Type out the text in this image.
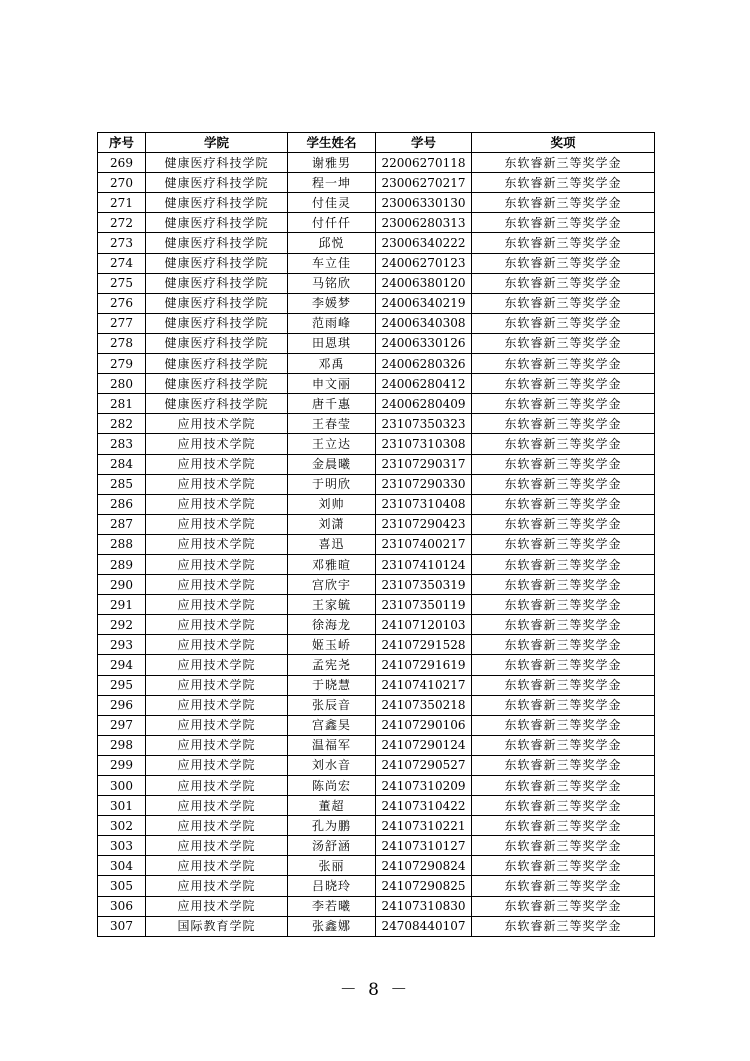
序号	学院	学生姓名	学号	奖项
269	健康医疗科技学院	谢雅男	22006270118	东软睿新三等奖学金
270	健康医疗科技学院	程一坤	23006270217	东软睿新三等奖学金
271	健康医疗科技学院	付佳灵	23006330130	东软睿新三等奖学金
272	健康医疗科技学院	付仟仟	23006280313	东软睿新三等奖学金
273	健康医疗科技学院	邱悦	23006340222	东软睿新三等奖学金
274	健康医疗科技学院	车立佳	24006270123	东软睿新三等奖学金
275	健康医疗科技学院	马铭欣	24006380120	东软睿新三等奖学金
276	健康医疗科技学院	李媛梦	24006340219	东软睿新三等奖学金
277	健康医疗科技学院	范雨峰	24006340308	东软睿新三等奖学金
278	健康医疗科技学院	田恩琪	24006330126	东软睿新三等奖学金
279	健康医疗科技学院	邓禹	24006280326	东软睿新三等奖学金
280	健康医疗科技学院	申文丽	24006280412	东软睿新三等奖学金
281	健康医疗科技学院	唐千惠	24006280409	东软睿新三等奖学金
282	应用技术学院	王春莹	23107350323	东软睿新三等奖学金
283	应用技术学院	王立达	23107310308	东软睿新三等奖学金
284	应用技术学院	金晨曦	23107290317	东软睿新三等奖学金
285	应用技术学院	于明欣	23107290330	东软睿新三等奖学金
286	应用技术学院	刘帅	23107310408	东软睿新三等奖学金
287	应用技术学院	刘潇	23107290423	东软睿新三等奖学金
288	应用技术学院	喜迅	23107400217	东软睿新三等奖学金
289	应用技术学院	邓雅暄	23107410124	东软睿新三等奖学金
290	应用技术学院	宫欣宇	23107350319	东软睿新三等奖学金
291	应用技术学院	王家毓	23107350119	东软睿新三等奖学金
292	应用技术学院	徐海龙	24107120103	东软睿新三等奖学金
293	应用技术学院	姬玉峤	24107291528	东软睿新三等奖学金
294	应用技术学院	孟宪尧	24107291619	东软睿新三等奖学金
295	应用技术学院	于晓慧	24107410217	东软睿新三等奖学金
296	应用技术学院	张辰音	24107350218	东软睿新三等奖学金
297	应用技术学院	宫鑫昊	24107290106	东软睿新三等奖学金
298	应用技术学院	温福军	24107290124	东软睿新三等奖学金
299	应用技术学院	刘水音	24107290527	东软睿新三等奖学金
300	应用技术学院	陈尚宏	24107310209	东软睿新三等奖学金
301	应用技术学院	董超	24107310422	东软睿新三等奖学金
302	应用技术学院	孔为鹏	24107310221	东软睿新三等奖学金
303	应用技术学院	汤舒涵	24107310127	东软睿新三等奖学金
304	应用技术学院	张丽	24107290824	东软睿新三等奖学金
305	应用技术学院	吕晓玲	24107290825	东软睿新三等奖学金
306	应用技术学院	李若曦	24107310830	东软睿新三等奖学金
307	国际教育学院	张鑫娜	24708440107	东软睿新三等奖学金
－ 8 －
